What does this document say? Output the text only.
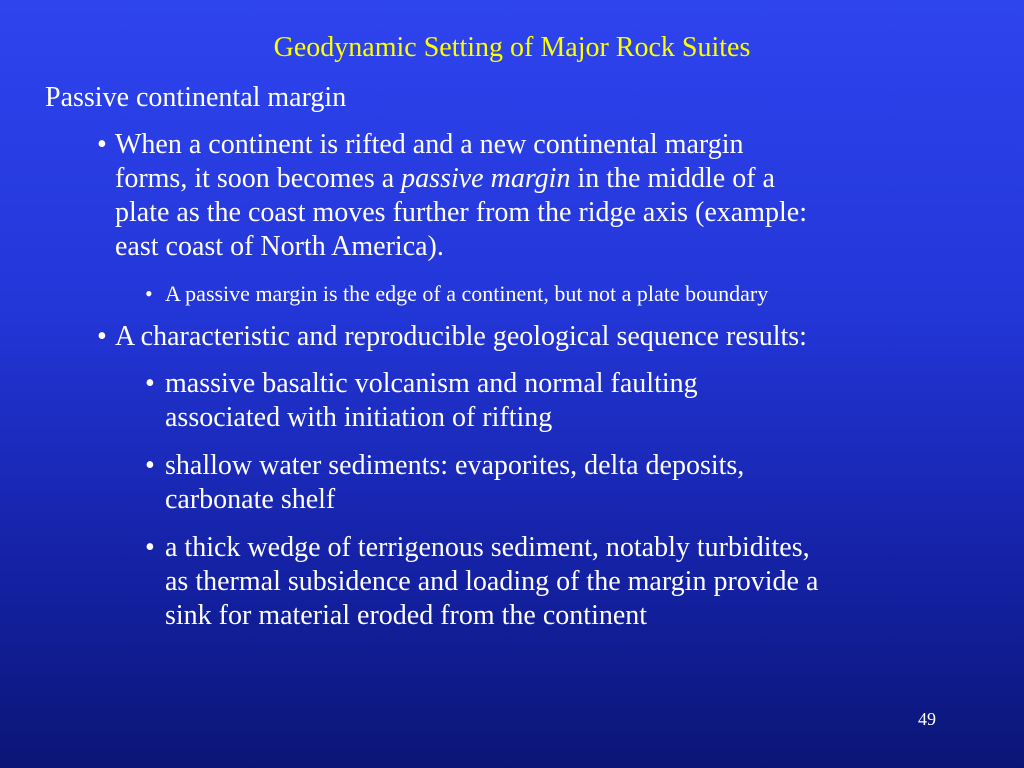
Geodynamic Setting of Major Rock Suites
Passive continental margin
• When a continent is rifted and a new continental margin
forms, it soon becomes a passive margin in the middle of a
plate as the coast moves further from the ridge axis (example:
east coast of North America).
• A passive margin is the edge of a continent, but not a plate boundary
• A characteristic and reproducible geological sequence results:
• massive basaltic volcanism and normal faulting
associated with initiation of rifting
• shallow water sediments: evaporites, delta deposits,
carbonate shelf
• a thick wedge of terrigenous sediment, notably turbidites,
as thermal subsidence and loading of the margin provide a
sink for material eroded from the continent
49
